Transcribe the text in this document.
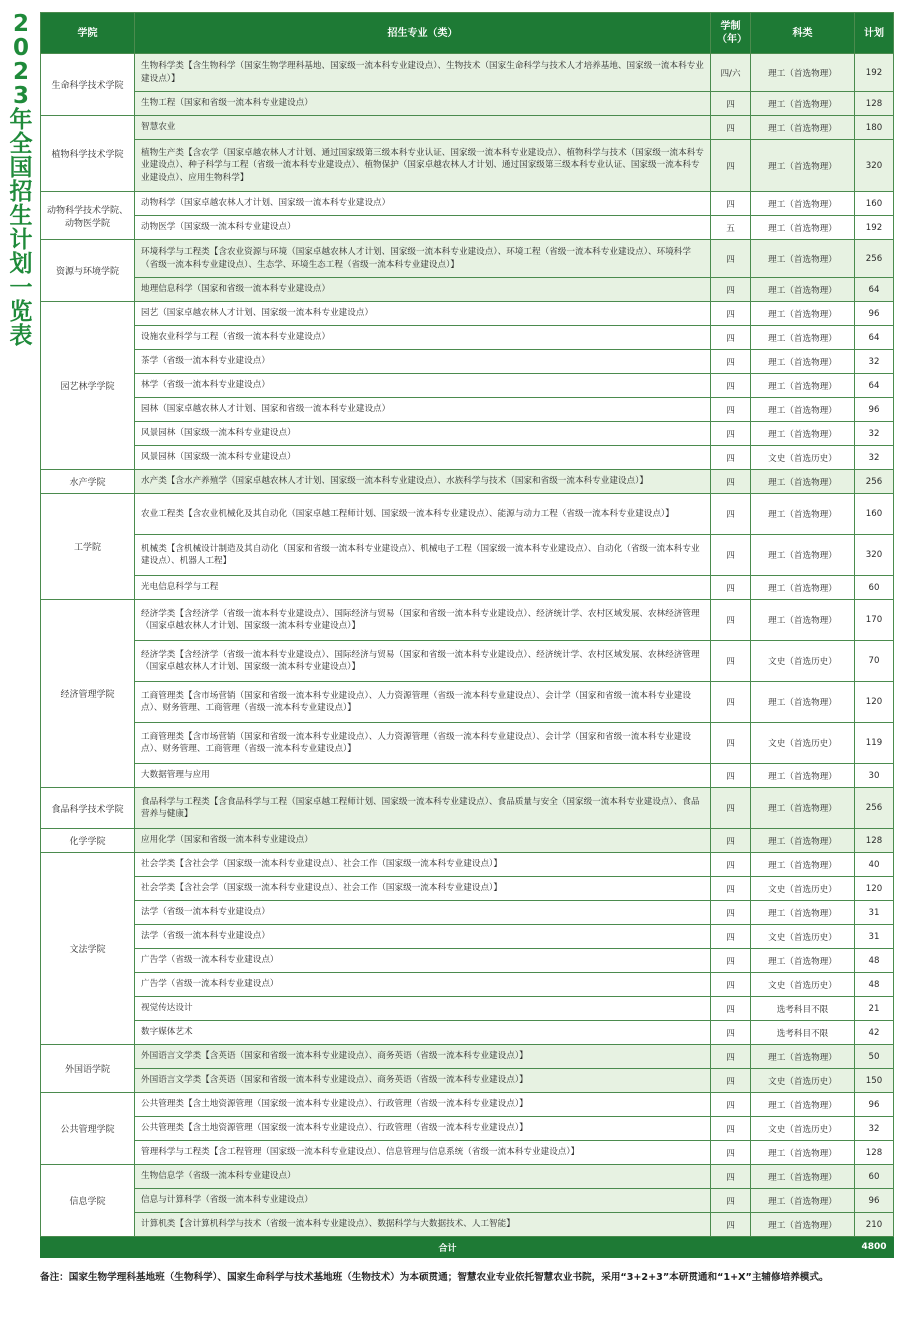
2023年全国招生计划一览表
学院	招生专业（类）	学制（年）	科类	计划
生命科学技术学院	生物科学类【含生物科学（国家生物学理科基地、国家级一流本科专业建设点）、生物技术（国家生命科学与技术人才培养基地、国家级一流本科专业建设点）】	四/六	理工（首选物理）	192
	生物工程（国家和省级一流本科专业建设点）	四	理工（首选物理）	128
植物科学技术学院	智慧农业	四	理工（首选物理）	180
	植物生产类【含农学（国家卓越农林人才计划、通过国家级第三级本科专业认证、国家级一流本科专业建设点）、植物科学与技术（国家级一流本科专业建设点）、种子科学与工程（省级一流本科专业建设点）、植物保护（国家卓越农林人才计划、通过国家级第三级本科专业认证、国家级一流本科专业建设点）、应用生物科学】	四	理工（首选物理）	320
动物科学技术学院、动物医学院	动物科学（国家卓越农林人才计划、国家级一流本科专业建设点）	四	理工（首选物理）	160
	动物医学（国家级一流本科专业建设点）	五	理工（首选物理）	192
资源与环境学院	环境科学与工程类【含农业资源与环境（国家卓越农林人才计划、国家级一流本科专业建设点）、环境工程（省级一流本科专业建设点）、环境科学（省级一流本科专业建设点）、生态学、环境生态工程（省级一流本科专业建设点）】	四	理工（首选物理）	256
	地理信息科学（国家和省级一流本科专业建设点）	四	理工（首选物理）	64
园艺林学学院	园艺（国家卓越农林人才计划、国家级一流本科专业建设点）	四	理工（首选物理）	96
	设施农业科学与工程（省级一流本科专业建设点）	四	理工（首选物理）	64
	茶学（省级一流本科专业建设点）	四	理工（首选物理）	32
	林学（省级一流本科专业建设点）	四	理工（首选物理）	64
	园林（国家卓越农林人才计划、国家和省级一流本科专业建设点）	四	理工（首选物理）	96
	风景园林（国家级一流本科专业建设点）	四	理工（首选物理）	32
	风景园林（国家级一流本科专业建设点）	四	文史（首选历史）	32
水产学院	水产类【含水产养殖学（国家卓越农林人才计划、国家级一流本科专业建设点）、水族科学与技术（国家和省级一流本科专业建设点）】	四	理工（首选物理）	256
工学院	农业工程类【含农业机械化及其自动化（国家卓越工程师计划、国家级一流本科专业建设点）、能源与动力工程（省级一流本科专业建设点）】	四	理工（首选物理）	160
	机械类【含机械设计制造及其自动化（国家和省级一流本科专业建设点）、机械电子工程（国家级一流本科专业建设点）、自动化（省级一流本科专业建设点）、机器人工程】	四	理工（首选物理）	320
	光电信息科学与工程	四	理工（首选物理）	60
经济管理学院	经济学类【含经济学（省级一流本科专业建设点）、国际经济与贸易（国家和省级一流本科专业建设点）、经济统计学、农村区域发展、农林经济管理（国家卓越农林人才计划、国家级一流本科专业建设点）】	四	理工（首选物理）	170
	经济学类【含经济学（省级一流本科专业建设点）、国际经济与贸易（国家和省级一流本科专业建设点）、经济统计学、农村区域发展、农林经济管理（国家卓越农林人才计划、国家级一流本科专业建设点）】	四	文史（首选历史）	70
	工商管理类【含市场营销（国家和省级一流本科专业建设点）、人力资源管理（省级一流本科专业建设点）、会计学（国家和省级一流本科专业建设点）、财务管理、工商管理（省级一流本科专业建设点）】	四	理工（首选物理）	120
	工商管理类【含市场营销（国家和省级一流本科专业建设点）、人力资源管理（省级一流本科专业建设点）、会计学（国家和省级一流本科专业建设点）、财务管理、工商管理（省级一流本科专业建设点）】	四	文史（首选历史）	119
	大数据管理与应用	四	理工（首选物理）	30
食品科学技术学院	食品科学与工程类【含食品科学与工程（国家卓越工程师计划、国家级一流本科专业建设点）、食品质量与安全（国家级一流本科专业建设点）、食品营养与健康】	四	理工（首选物理）	256
化学学院	应用化学（国家和省级一流本科专业建设点）	四	理工（首选物理）	128
文法学院	社会学类【含社会学（国家级一流本科专业建设点）、社会工作（国家级一流本科专业建设点）】	四	理工（首选物理）	40
	社会学类【含社会学（国家级一流本科专业建设点）、社会工作（国家级一流本科专业建设点）】	四	文史（首选历史）	120
	法学（省级一流本科专业建设点）	四	理工（首选物理）	31
	法学（省级一流本科专业建设点）	四	文史（首选历史）	31
	广告学（省级一流本科专业建设点）	四	理工（首选物理）	48
	广告学（省级一流本科专业建设点）	四	文史（首选历史）	48
	视觉传达设计	四	选考科目不限	21
	数字媒体艺术	四	选考科目不限	42
外国语学院	外国语言文学类【含英语（国家和省级一流本科专业建设点）、商务英语（省级一流本科专业建设点）】	四	理工（首选物理）	50
	外国语言文学类【含英语（国家和省级一流本科专业建设点）、商务英语（省级一流本科专业建设点）】	四	文史（首选历史）	150
公共管理学院	公共管理类【含土地资源管理（国家级一流本科专业建设点）、行政管理（省级一流本科专业建设点）】	四	理工（首选物理）	96
	公共管理类【含土地资源管理（国家级一流本科专业建设点）、行政管理（省级一流本科专业建设点）】	四	文史（首选历史）	32
	管理科学与工程类【含工程管理（国家级一流本科专业建设点）、信息管理与信息系统（省级一流本科专业建设点）】	四	理工（首选物理）	128
信息学院	生物信息学（省级一流本科专业建设点）	四	理工（首选物理）	60
	信息与计算科学（省级一流本科专业建设点）	四	理工（首选物理）	96
	计算机类【含计算机科学与技术（省级一流本科专业建设点）、数据科学与大数据技术、人工智能】	四	理工（首选物理）	210
合计				4800
备注：国家生物学理科基地班（生物科学）、国家生命科学与技术基地班（生物技术）为本硕贯通；智慧农业专业依托智慧农业书院，采用“3+2+3”本研贯通和“1+X”主辅修培养模式。
